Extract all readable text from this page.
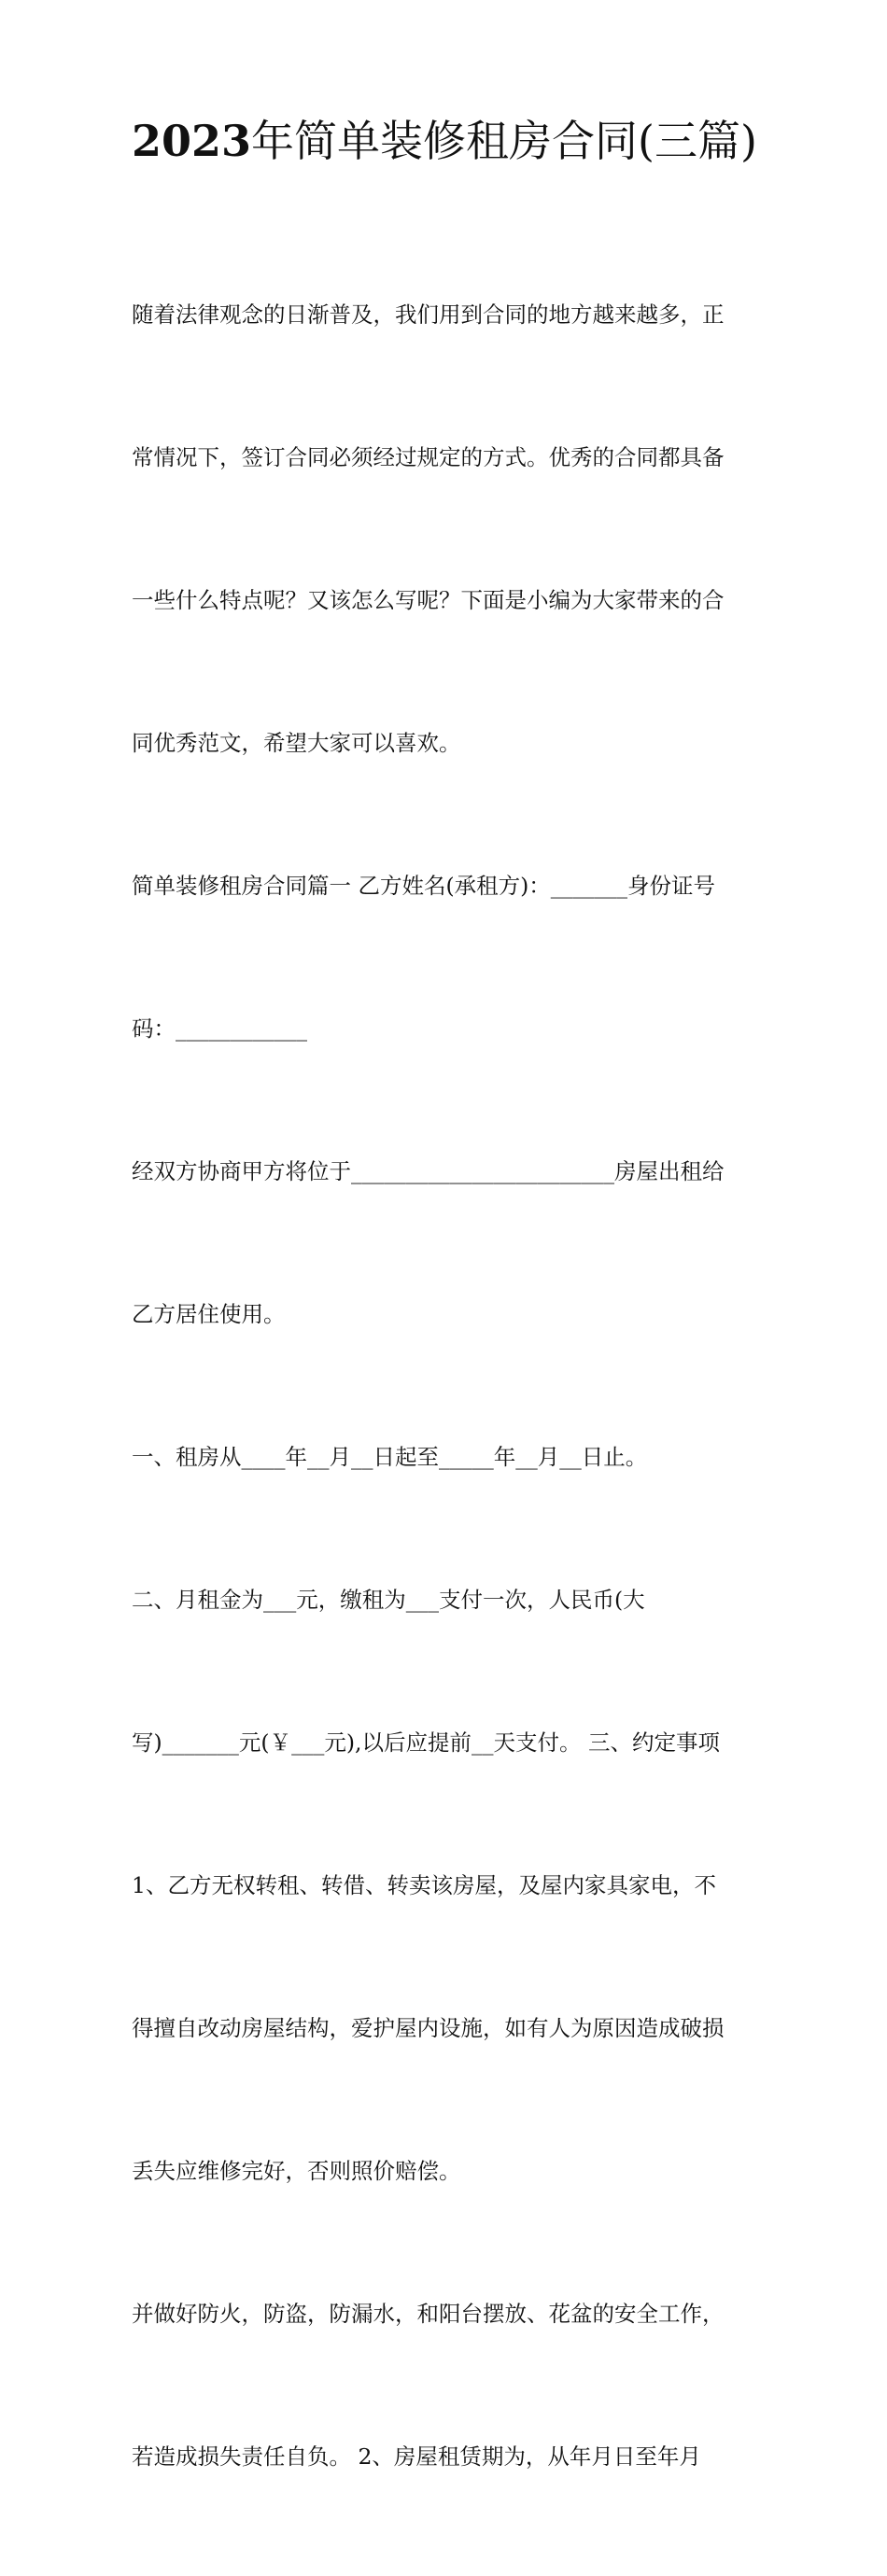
2023年简单装修租房合同(三篇)

随着法律观念的日渐普及，我们用到合同的地方越来越多，正

常情况下，签订合同必须经过规定的方式。优秀的合同都具备

一些什么特点呢？又该怎么写呢？下面是小编为大家带来的合

同优秀范文，希望大家可以喜欢。

简单装修租房合同篇一 乙方姓名(承租方)：_______身份证号

码：____________

经双方协商甲方将位于________________________房屋出租给

乙方居住使用。

一、租房从____年__月__日起至_____年__月__日止。

二、月租金为___元，缴租为___支付一次，人民币(大

写)_______元(￥___元),以后应提前__天支付。 三、约定事项

1、乙方无权转租、转借、转卖该房屋，及屋内家具家电，不

得擅自改动房屋结构，爱护屋内设施，如有人为原因造成破损

丢失应维修完好，否则照价赔偿。

并做好防火，防盗，防漏水，和阳台摆放、花盆的安全工作，

若造成损失责任自负。 2、房屋租赁期为，从年月日至年月
